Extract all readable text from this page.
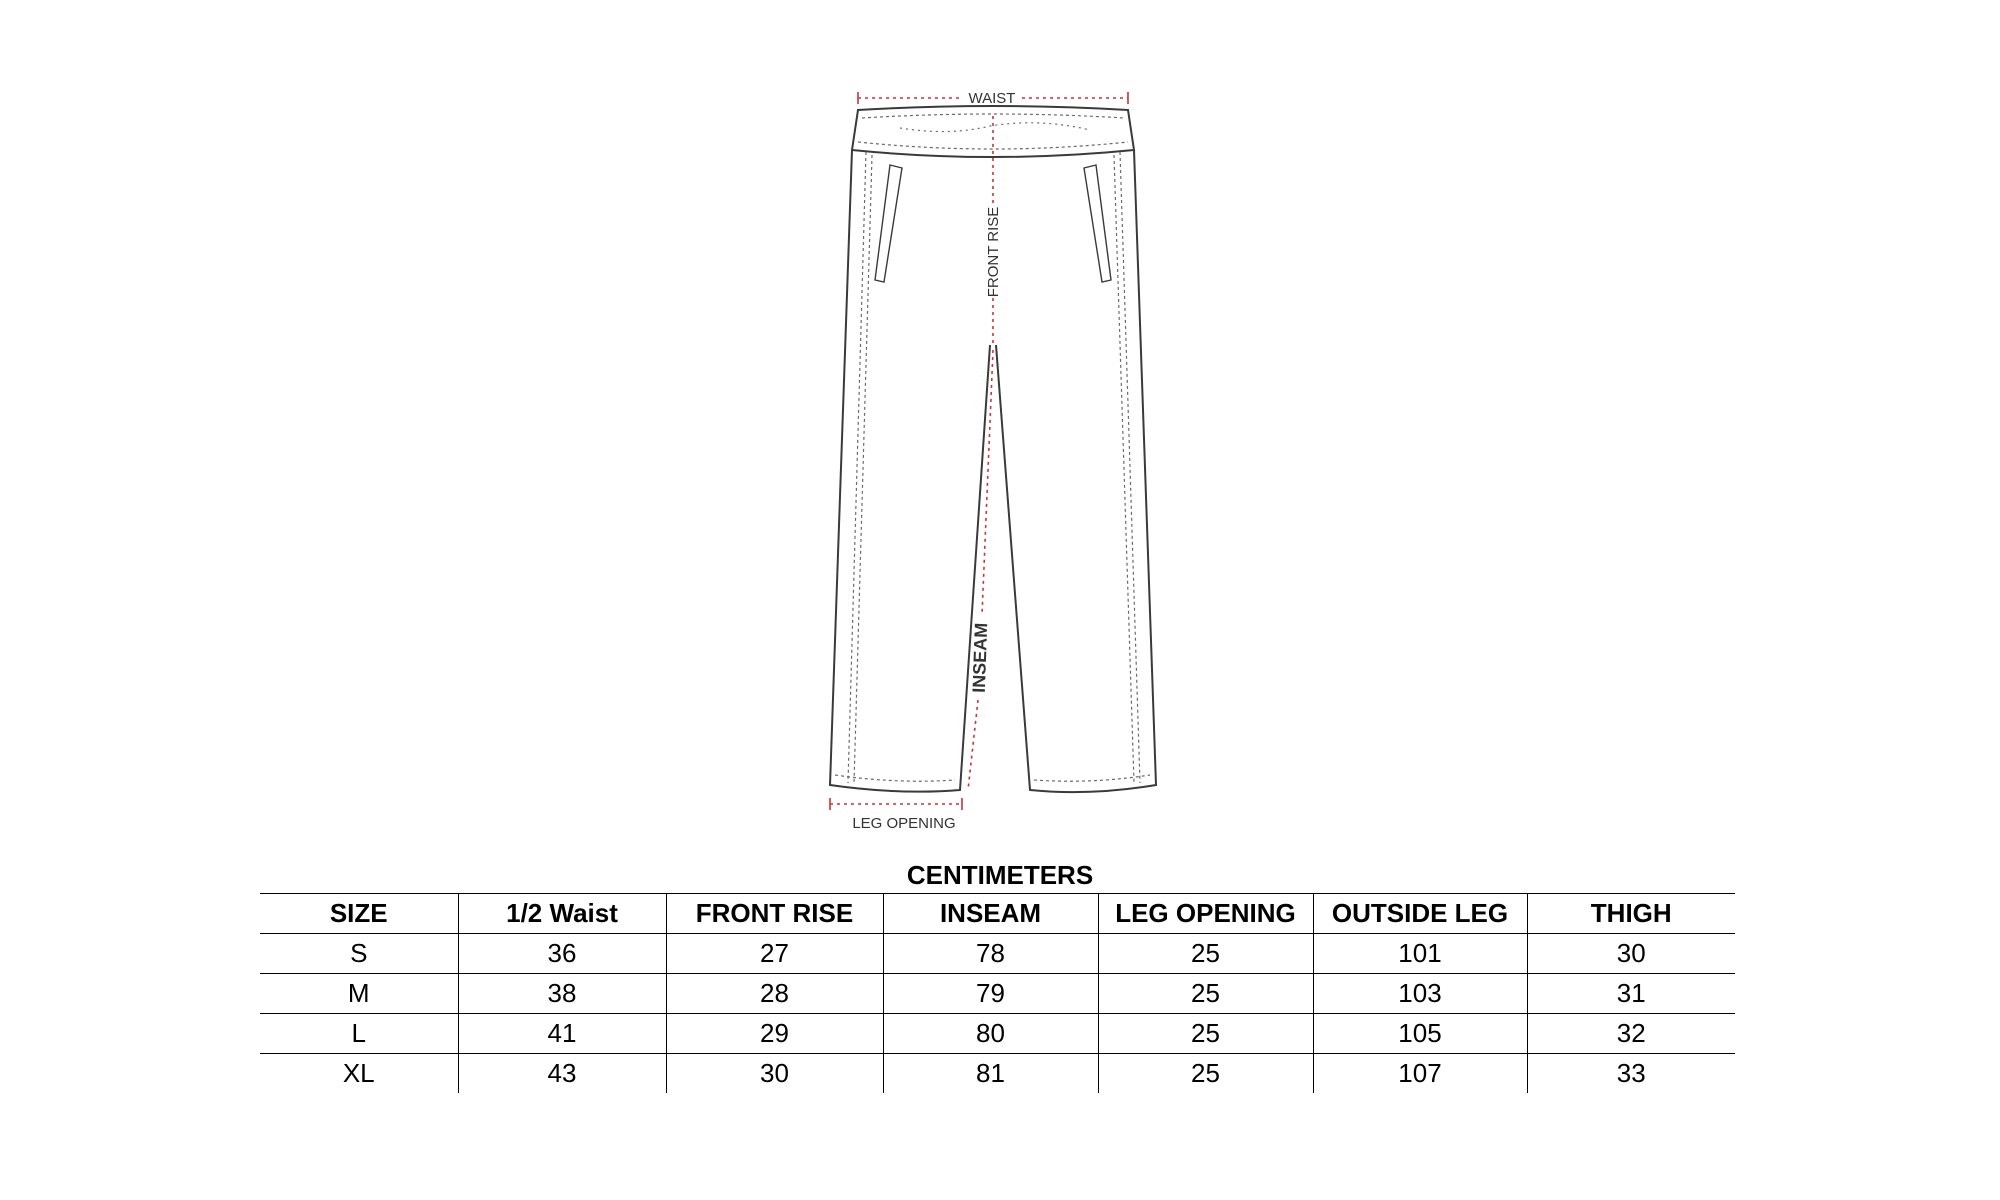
WAIST
FRONT RISE
INSEAM
LEG OPENING
CENTIMETERS
SIZE	1/2 Waist	FRONT RISE	INSEAM	LEG OPENING	OUTSIDE LEG	THIGH
S	36	27	78	25	101	30
M	38	28	79	25	103	31
L	41	29	80	25	105	32
XL	43	30	81	25	107	33
